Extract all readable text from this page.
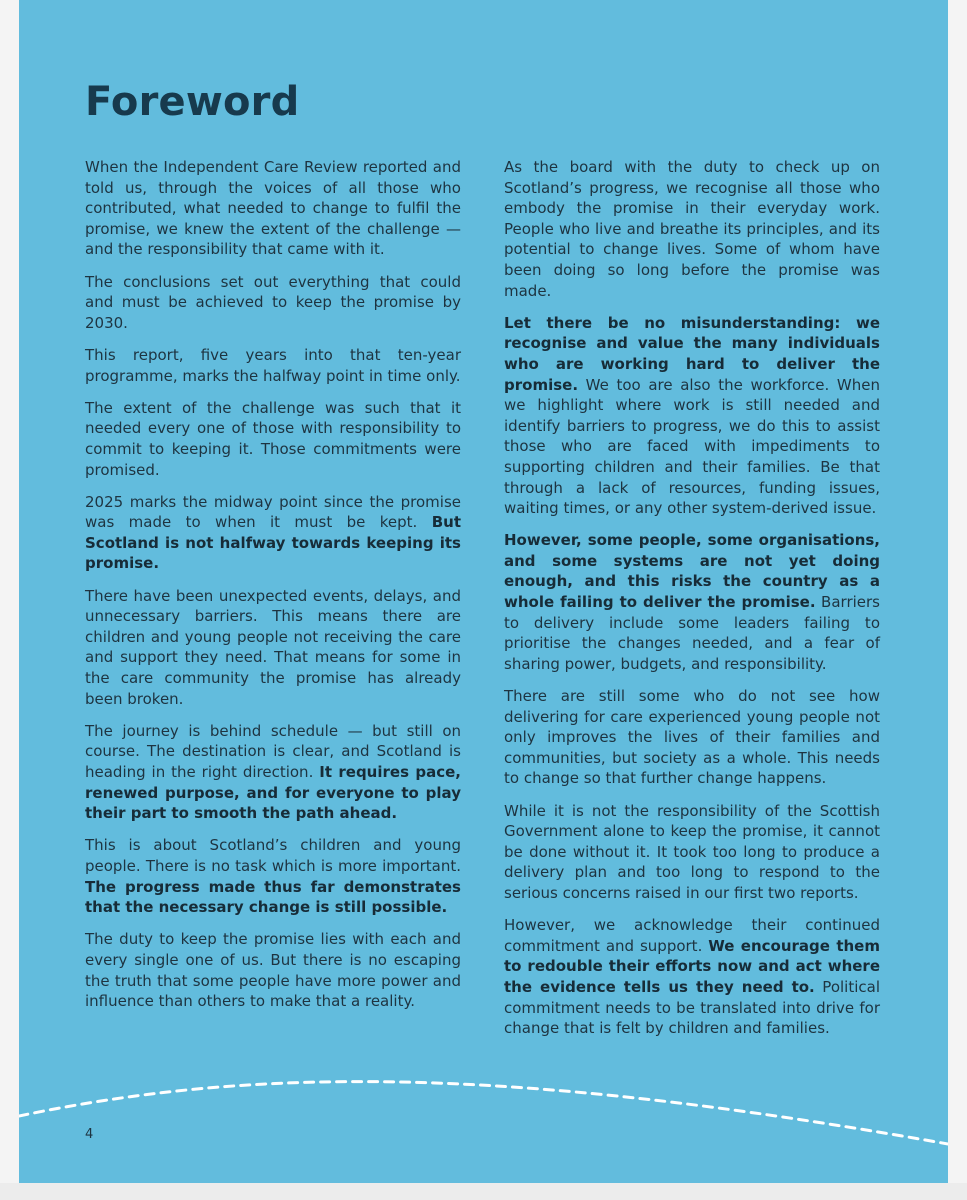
Foreword

When the Independent Care Review reported and told us, through the voices of all those who contributed, what needed to change to fulfil the promise, we knew the extent of the challenge — and the responsibility that came with it.

The conclusions set out everything that could and must be achieved to keep the promise by 2030.

This report, five years into that ten-year programme, marks the halfway point in time only.

The extent of the challenge was such that it needed every one of those with responsibility to commit to keeping it. Those commitments were promised.

2025 marks the midway point since the promise was made to when it must be kept. But Scotland is not halfway towards keeping its promise.

There have been unexpected events, delays, and unnecessary barriers. This means there are children and young people not receiving the care and support they need. That means for some in the care community the promise has already been broken.

The journey is behind schedule — but still on course. The destination is clear, and Scotland is heading in the right direction. It requires pace, renewed purpose, and for everyone to play their part to smooth the path ahead.

This is about Scotland’s children and young people. There is no task which is more important. The progress made thus far demonstrates that the necessary change is still possible.

The duty to keep the promise lies with each and every single one of us. But there is no escaping the truth that some people have more power and influence than others to make that a reality.

As the board with the duty to check up on Scotland’s progress, we recognise all those who embody the promise in their everyday work. People who live and breathe its principles, and its potential to change lives. Some of whom have been doing so long before the promise was made.

Let there be no misunderstanding: we recognise and value the many individuals who are working hard to deliver the promise. We too are also the workforce. When we highlight where work is still needed and identify barriers to progress, we do this to assist those who are faced with impediments to supporting children and their families. Be that through a lack of resources, funding issues, waiting times, or any other system-derived issue.

However, some people, some organisations, and some systems are not yet doing enough, and this risks the country as a whole failing to deliver the promise. Barriers to delivery include some leaders failing to prioritise the changes needed, and a fear of sharing power, budgets, and responsibility.

There are still some who do not see how delivering for care experienced young people not only improves the lives of their families and communities, but society as a whole. This needs to change so that further change happens.

While it is not the responsibility of the Scottish Government alone to keep the promise, it cannot be done without it. It took too long to produce a delivery plan and too long to respond to the serious concerns raised in our first two reports.

However, we acknowledge their continued commitment and support. We encourage them to redouble their efforts now and act where the evidence tells us they need to. Political commitment needs to be translated into drive for change that is felt by children and families.

4
